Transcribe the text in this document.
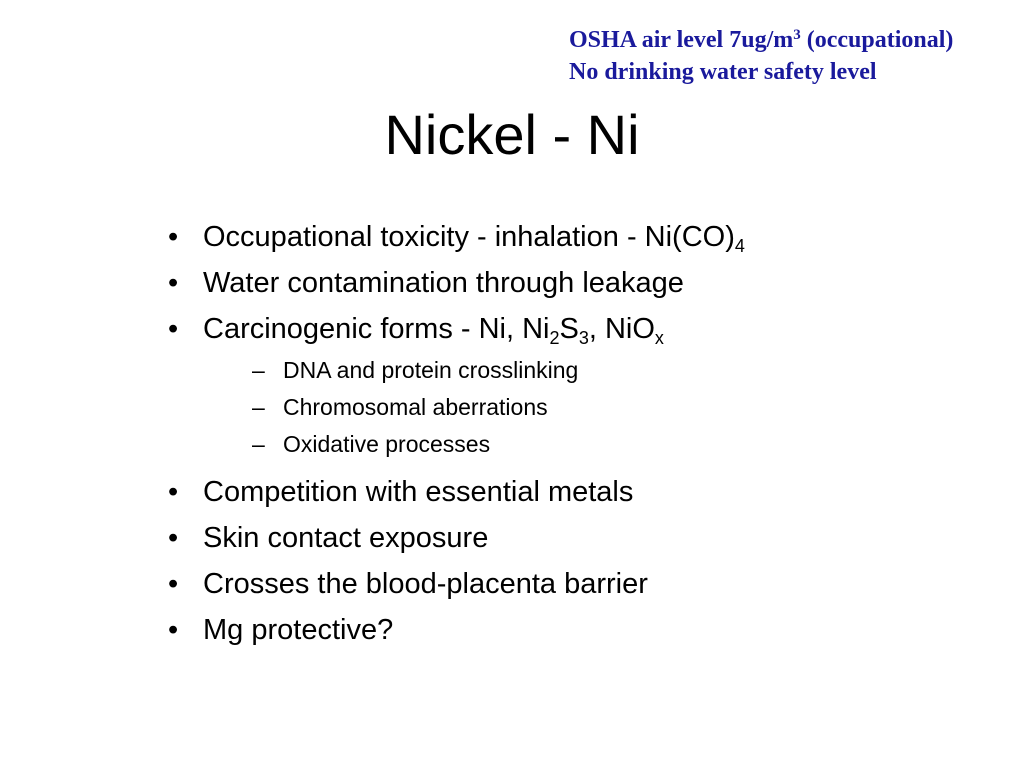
OSHA air level $7ug/m^3$ (occupational)
No drinking water safety level
Nickel - Ni
• Occupational toxicity - inhalation - $Ni(CO)_4$
• Water contamination through leakage
• Carcinogenic forms - Ni, $Ni_2S_3$, NiO$_x$
– DNA and protein crosslinking
– Chromosomal aberrations
– Oxidative processes
• Competition with essential metals
• Skin contact exposure
• Crosses the blood-placenta barrier
• Mg protective?
